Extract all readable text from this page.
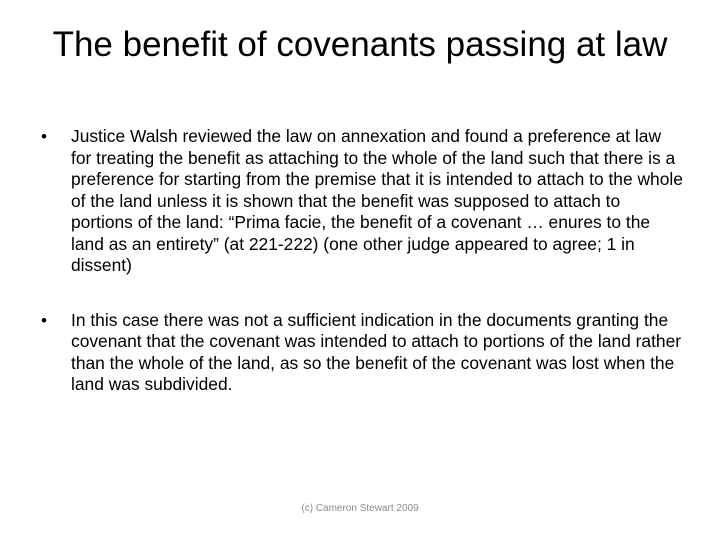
The benefit of covenants passing at law
• Justice Walsh reviewed the law on annexation and found a preference at law for treating the benefit as attaching to the whole of the land such that there is a preference for starting from the premise that it is intended to attach to the whole of the land unless it is shown that the benefit was supposed to attach to portions of the land: “Prima facie, the benefit of a covenant … enures to the land as an entirety” (at 221-222) (one other judge appeared to agree; 1 in dissent)
• In this case there was not a sufficient indication in the documents granting the covenant that the covenant was intended to attach to portions of the land rather than the whole of the land, as so the benefit of the covenant was lost when the land was subdivided.
(c) Cameron Stewart 2009
